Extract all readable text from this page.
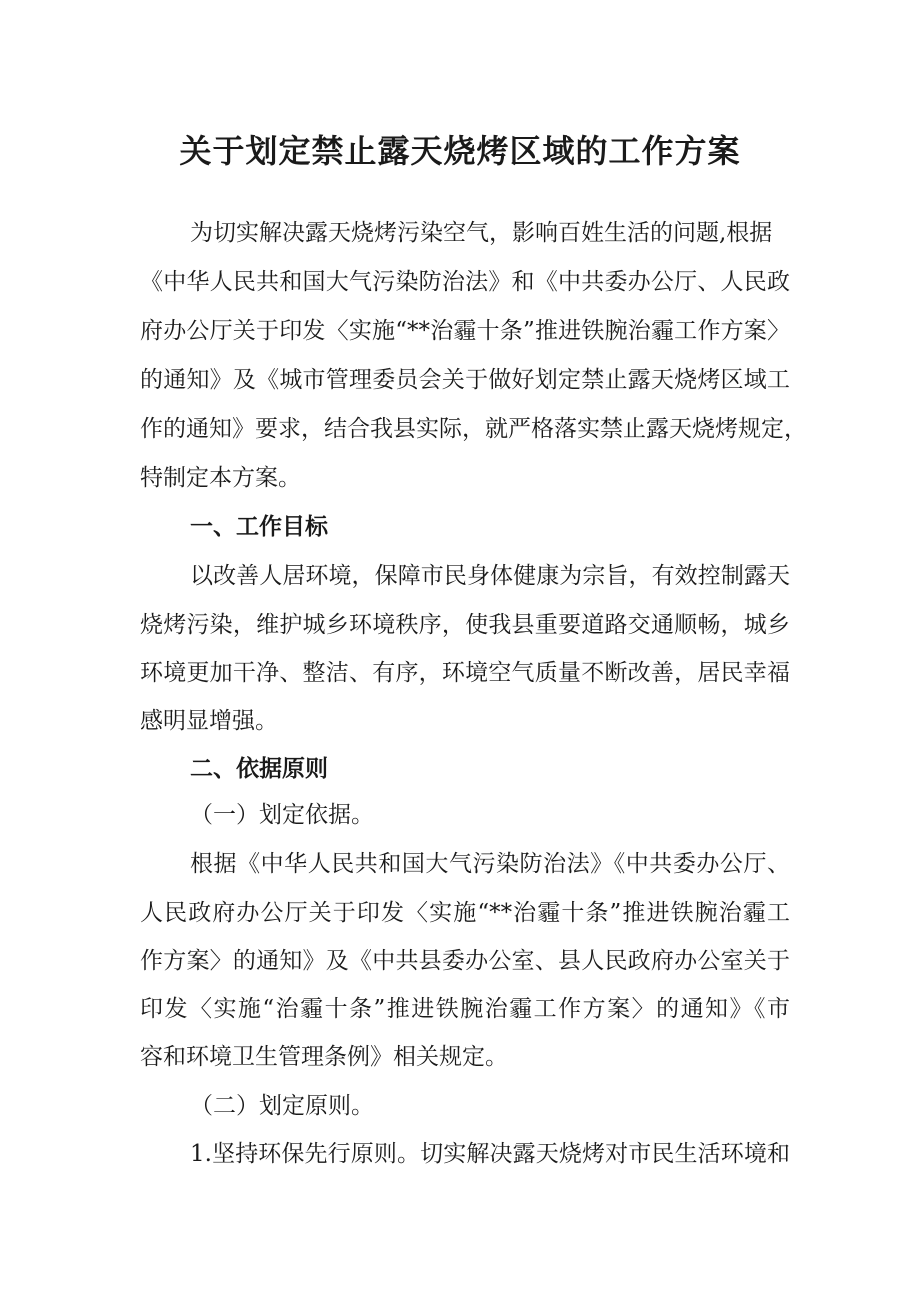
关于划定禁止露天烧烤区域的工作方案
为切实解决露天烧烤污染空气，影响百姓生活的问题,根据
《中华人民共和国大气污染防治法》和《中共委办公厅、人民政
府办公厅关于印发〈实施“**治霾十条”推进铁腕治霾工作方案〉
的通知》及《城市管理委员会关于做好划定禁止露天烧烤区域工
作的通知》要求，结合我县实际，就严格落实禁止露天烧烤规定，
特制定本方案。
一、工作目标
以改善人居环境，保障市民身体健康为宗旨，有效控制露天
烧烤污染，维护城乡环境秩序，使我县重要道路交通顺畅，城乡
环境更加干净、整洁、有序，环境空气质量不断改善，居民幸福
感明显增强。
二、依据原则
（一）划定依据。
根据《中华人民共和国大气污染防治法》《中共委办公厅、
人民政府办公厅关于印发〈实施“**治霾十条”推进铁腕治霾工
作方案〉的通知》及《中共县委办公室、县人民政府办公室关于
印发〈实施“治霾十条”推进铁腕治霾工作方案〉的通知》《市
容和环境卫生管理条例》相关规定。
（二）划定原则。
1.坚持环保先行原则。切实解决露天烧烤对市民生活环境和
